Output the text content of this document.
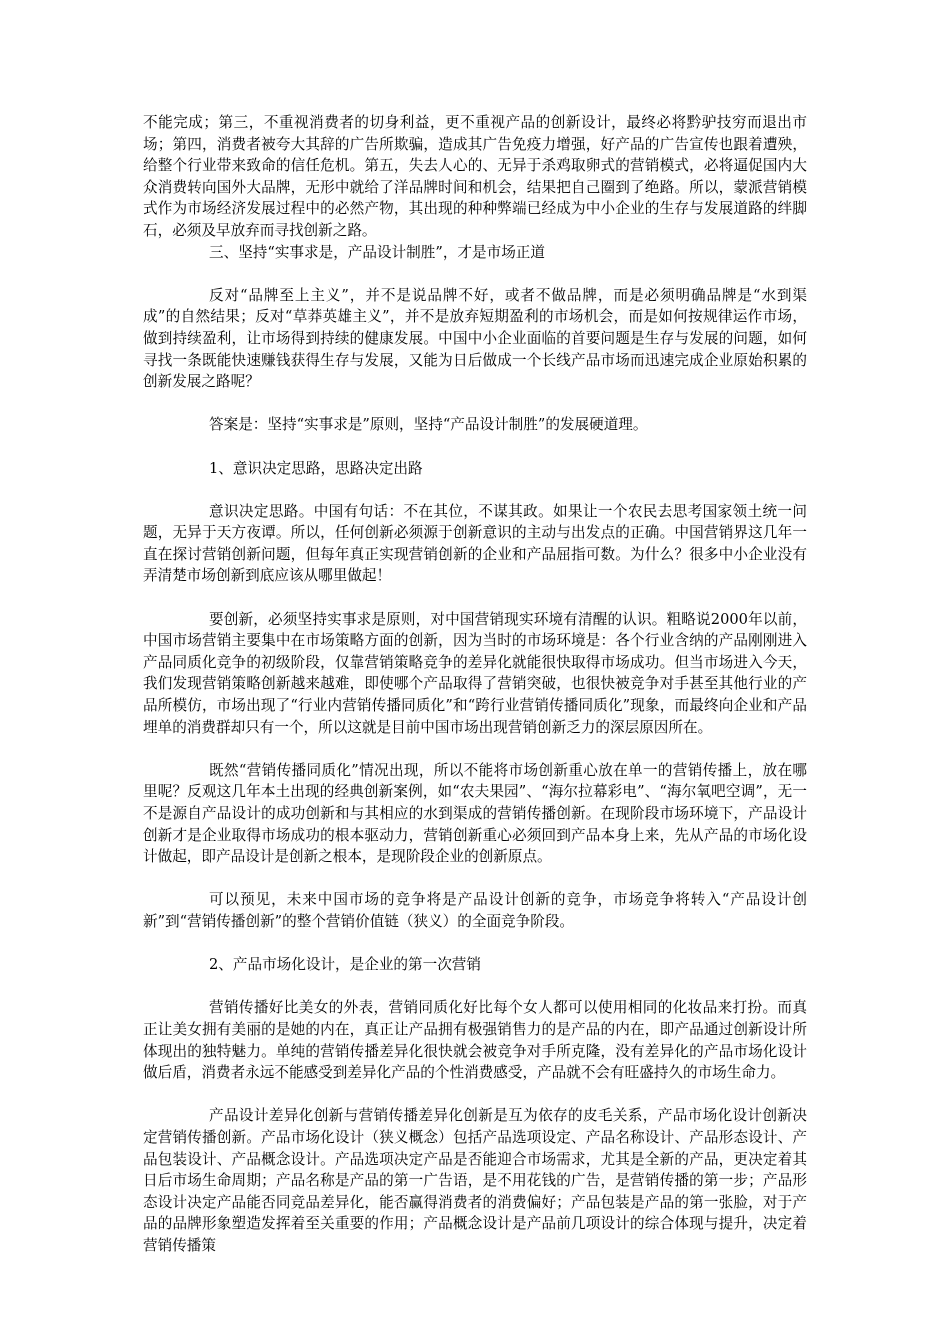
不能完成；第三，不重视消费者的切身利益，更不重视产品的创新设计，最终必将黔驴技穷而退出市场；第四，消费者被夸大其辞的广告所欺骗，造成其广告免疫力增强，好产品的广告宣传也跟着遭殃，给整个行业带来致命的信任危机。第五，失去人心的、无异于杀鸡取卵式的营销模式，必将逼促国内大众消费转向国外大品牌，无形中就给了洋品牌时间和机会，结果把自己圈到了绝路。所以，蒙派营销模式作为市场经济发展过程中的必然产物，其出现的种种弊端已经成为中小企业的生存与发展道路的绊脚石，必须及早放弃而寻找创新之路。

三、坚持“实事求是，产品设计制胜”，才是市场正道

反对“品牌至上主义”，并不是说品牌不好，或者不做品牌，而是必须明确品牌是“水到渠成”的自然结果；反对“草莽英雄主义”，并不是放弃短期盈利的市场机会，而是如何按规律运作市场，做到持续盈利，让市场得到持续的健康发展。中国中小企业面临的首要问题是生存与发展的问题，如何寻找一条既能快速赚钱获得生存与发展，又能为日后做成一个长线产品市场而迅速完成企业原始积累的创新发展之路呢？

答案是：坚持“实事求是”原则，坚持“产品设计制胜”的发展硬道理。

1、意识决定思路，思路决定出路

意识决定思路。中国有句话：不在其位，不谋其政。如果让一个农民去思考国家领土统一问题，无异于天方夜谭。所以，任何创新必须源于创新意识的主动与出发点的正确。中国营销界这几年一直在探讨营销创新问题，但每年真正实现营销创新的企业和产品屈指可数。为什么？很多中小企业没有弄清楚市场创新到底应该从哪里做起！

要创新，必须坚持实事求是原则，对中国营销现实环境有清醒的认识。粗略说2000年以前，中国市场营销主要集中在市场策略方面的创新，因为当时的市场环境是：各个行业含纳的产品刚刚进入产品同质化竞争的初级阶段，仅靠营销策略竞争的差异化就能很快取得市场成功。但当市场进入今天，我们发现营销策略创新越来越难，即使哪个产品取得了营销突破，也很快被竞争对手甚至其他行业的产品所模仿，市场出现了“行业内营销传播同质化”和“跨行业营销传播同质化”现象，而最终向企业和产品埋单的消费群却只有一个，所以这就是目前中国市场出现营销创新乏力的深层原因所在。

既然“营销传播同质化”情况出现，所以不能将市场创新重心放在单一的营销传播上，放在哪里呢？反观这几年本土出现的经典创新案例，如“农夫果园”、“海尔拉幕彩电”、“海尔氧吧空调”，无一不是源自产品设计的成功创新和与其相应的水到渠成的营销传播创新。在现阶段市场环境下，产品设计创新才是企业取得市场成功的根本驱动力，营销创新重心必须回到产品本身上来，先从产品的市场化设计做起，即产品设计是创新之根本，是现阶段企业的创新原点。

可以预见，未来中国市场的竞争将是产品设计创新的竞争，市场竞争将转入“产品设计创新”到“营销传播创新”的整个营销价值链（狭义）的全面竞争阶段。

2、产品市场化设计，是企业的第一次营销

营销传播好比美女的外表，营销同质化好比每个女人都可以使用相同的化妆品来打扮。而真正让美女拥有美丽的是她的内在，真正让产品拥有极强销售力的是产品的内在，即产品通过创新设计所体现出的独特魅力。单纯的营销传播差异化很快就会被竞争对手所克隆，没有差异化的产品市场化设计做后盾，消费者永远不能感受到差异化产品的个性消费感受，产品就不会有旺盛持久的市场生命力。

产品设计差异化创新与营销传播差异化创新是互为依存的皮毛关系，产品市场化设计创新决定营销传播创新。产品市场化设计（狭义概念）包括产品选项设定、产品名称设计、产品形态设计、产品包装设计、产品概念设计。产品选项决定产品是否能迎合市场需求，尤其是全新的产品，更决定着其日后市场生命周期；产品名称是产品的第一广告语，是不用花钱的广告，是营销传播的第一步；产品形态设计决定产品能否同竞品差异化，能否赢得消费者的消费偏好；产品包装是产品的第一张脸，对于产品的品牌形象塑造发挥着至关重要的作用；产品概念设计是产品前几项设计的综合体现与提升，决定着营销传播策
